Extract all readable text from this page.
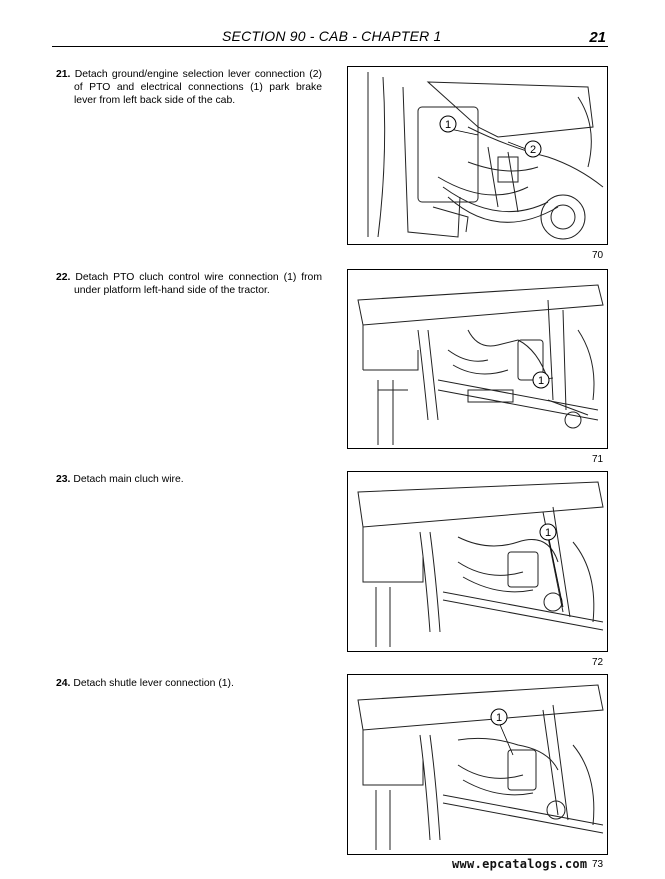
SECTION 90 - CAB - CHAPTER 1	21
21. Detach ground/engine selection lever connection (2) of PTO and electrical connections (1) park brake lever from left back side of the cab.
1
2
70
22. Detach PTO cluch control wire connection (1) from under platform left-hand side of the tractor.
1
71
23. Detach main cluch wire.
1
72
24. Detach shutle lever connection (1).
1
73
www.epcatalogs.com
